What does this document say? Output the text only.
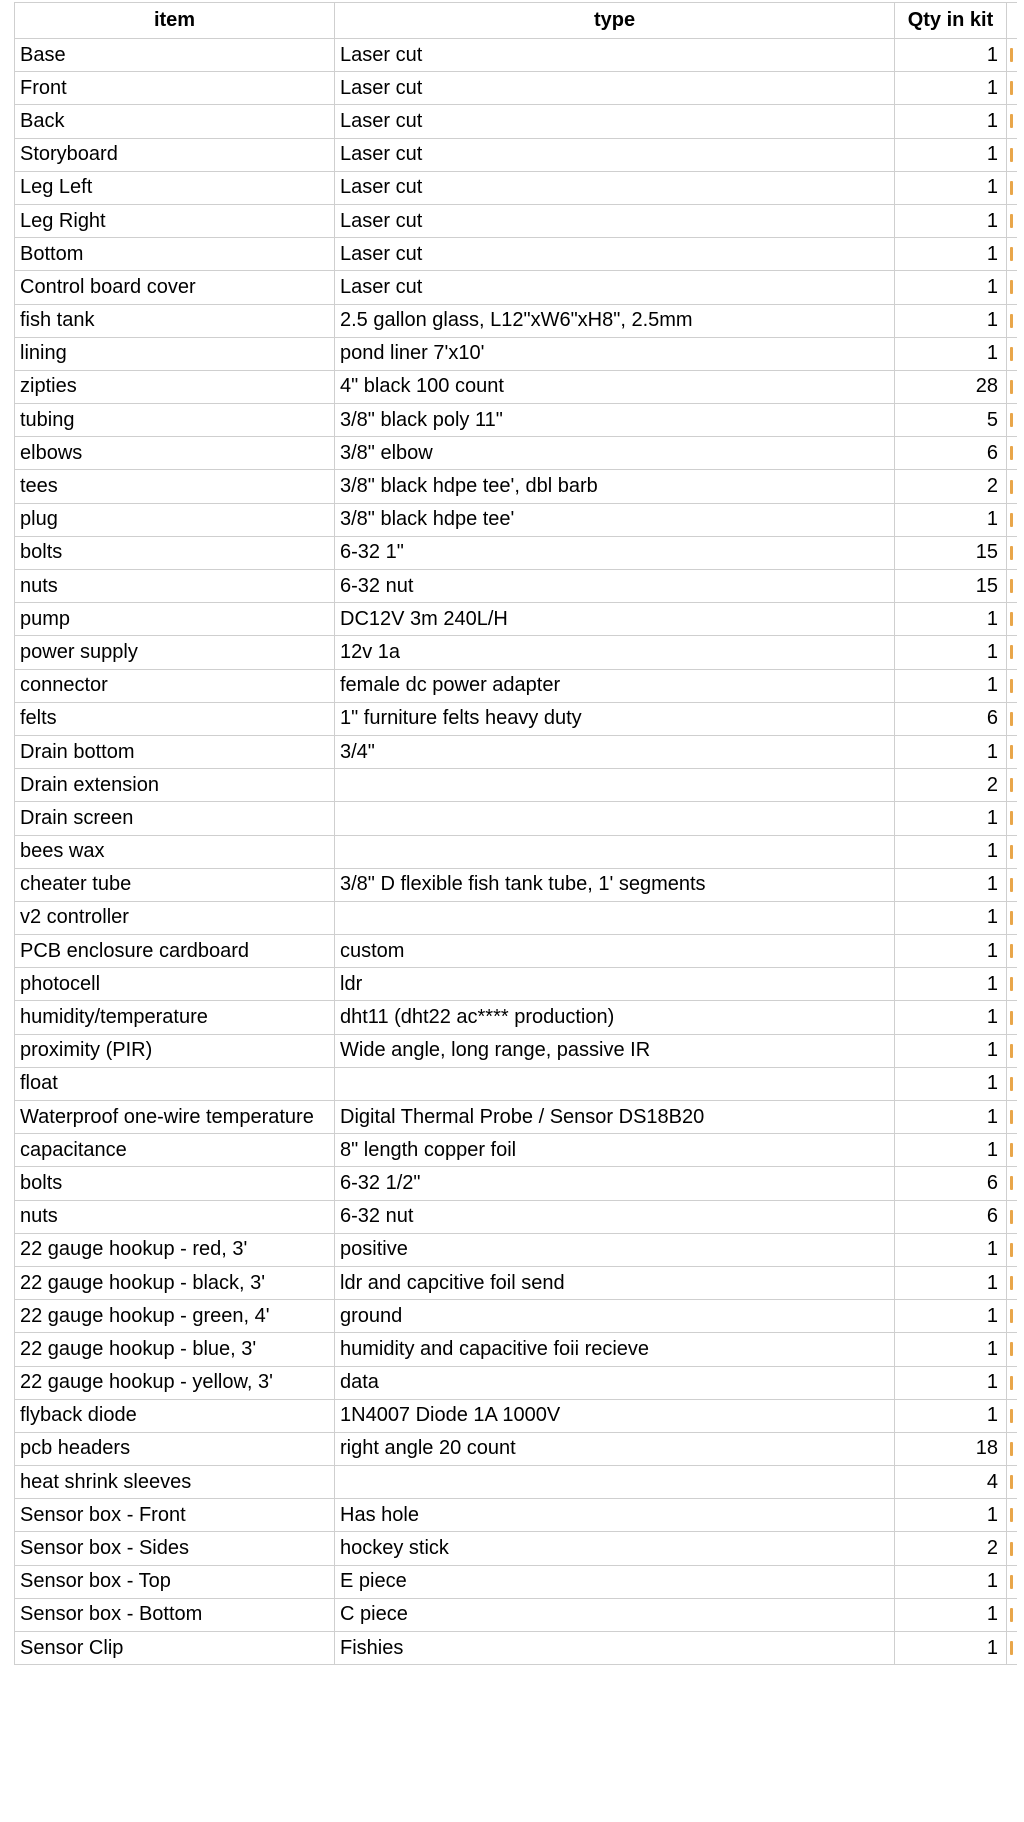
item	type	Qty in kit	
Base	Laser cut	1	

Front	Laser cut	1	

Back	Laser cut	1	

Storyboard	Laser cut	1	

Leg Left	Laser cut	1	

Leg Right	Laser cut	1	

Bottom	Laser cut	1	

Control board cover	Laser cut	1	

fish tank	2.5 gallon glass, L12"xW6"xH8", 2.5mm	1	

lining	pond liner 7'x10'	1	

zipties	4" black 100 count	28	

tubing	3/8" black poly 11"	5	

elbows	3/8" elbow	6	

tees	3/8" black hdpe tee', dbl barb	2	

plug	3/8" black hdpe tee'	1	

bolts	6-32 1"	15	

nuts	6-32 nut	15	

pump	DC12V 3m 240L/H	1	

power supply	12v 1a	1	

connector	female dc power adapter	1	

felts	1" furniture felts heavy duty	6	

Drain bottom	3/4"	1	

Drain extension		2	

Drain screen		1	

bees wax		1	

cheater tube	3/8" D flexible fish tank tube, 1' segments	1	

v2 controller		1	

PCB enclosure cardboard	custom	1	

photocell	ldr	1	

humidity/temperature	dht11 (dht22 ac**** production)	1	

proximity (PIR)	Wide angle, long range, passive IR	1	

float		1	

Waterproof one-wire temperature	Digital Thermal Probe / Sensor DS18B20	1	

capacitance	8" length copper foil	1	

bolts	6-32 1/2"	6	

nuts	6-32 nut	6	

22 gauge hookup - red, 3'	positive	1	

22 gauge hookup - black, 3'	ldr and capcitive foil send	1	

22 gauge hookup - green, 4'	ground	1	

22 gauge hookup - blue, 3'	humidity and capacitive foii recieve	1	

22 gauge hookup - yellow, 3'	data	1	

flyback diode	1N4007 Diode 1A 1000V	1	

pcb headers	right angle 20 count	18	

heat shrink sleeves		4	

Sensor box - Front	Has hole	1	

Sensor box - Sides	hockey stick	2	

Sensor box - Top	E piece	1	

Sensor box - Bottom	C piece	1	

Sensor Clip	Fishies	1	
